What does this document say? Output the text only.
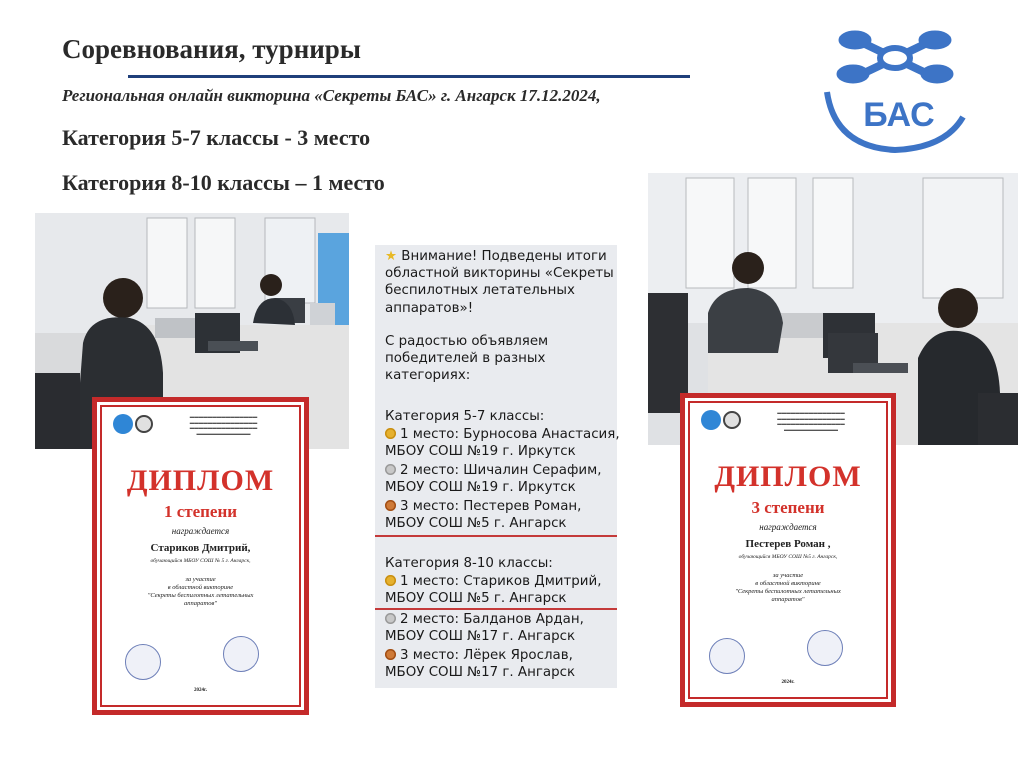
Соревнования, турниры
Региональная онлайн викторина «Секреты БАС» г. Ангарск 17.12.2024,
Категория 5-7 классы - 3 место
Категория 8-10 классы – 1 место
БАС
★ Внимание! Подведены итоги
областной викторины «Секреты
беспилотных летательных
аппаратов»!
С радостью объявляем
победителей в разных
категориях:
Категория 5-7 классы:
1 место: Бурносова Анастасия,
МБОУ СОШ №19 г. Иркутск
2 место: Шичалин Серафим,
МБОУ СОШ №19 г. Иркутск
3 место: Пестерев Роман,
МБОУ СОШ №5 г. Ангарск
Категория 8-10 классы:
1 место: Стариков Дмитрий,
МБОУ СОШ №5 г. Ангарск
2 место: Балданов Ардан,
МБОУ СОШ №17 г. Ангарск
3 место: Лёрек Ярослав,
МБОУ СОШ №17 г. Ангарск
▬▬▬▬▬▬▬▬▬▬▬▬▬▬▬
▬▬▬▬▬▬▬▬▬▬▬▬▬▬▬
▬▬▬▬▬▬▬▬▬▬▬▬▬▬▬
▬▬▬▬▬▬▬▬▬▬▬▬
ДИПЛОМ
1 степени
награждается
Стариков Дмитрий,
обучающийся МБОУ СОШ № 5 г. Ангарск,
за участие
в областной викторине
"Секреты беспилотных летательных
аппаратов"
2024г.
▬▬▬▬▬▬▬▬▬▬▬▬▬▬▬
▬▬▬▬▬▬▬▬▬▬▬▬▬▬▬
▬▬▬▬▬▬▬▬▬▬▬▬▬▬▬
▬▬▬▬▬▬▬▬▬▬▬▬
ДИПЛОМ
3 степени
награждается
Пестерев Роман ,
обучающийся МБОУ СОШ №5 г. Ангарск,
за участие
в областной викторине
"Секреты беспилотных летательных
аппаратов"
2024г.
